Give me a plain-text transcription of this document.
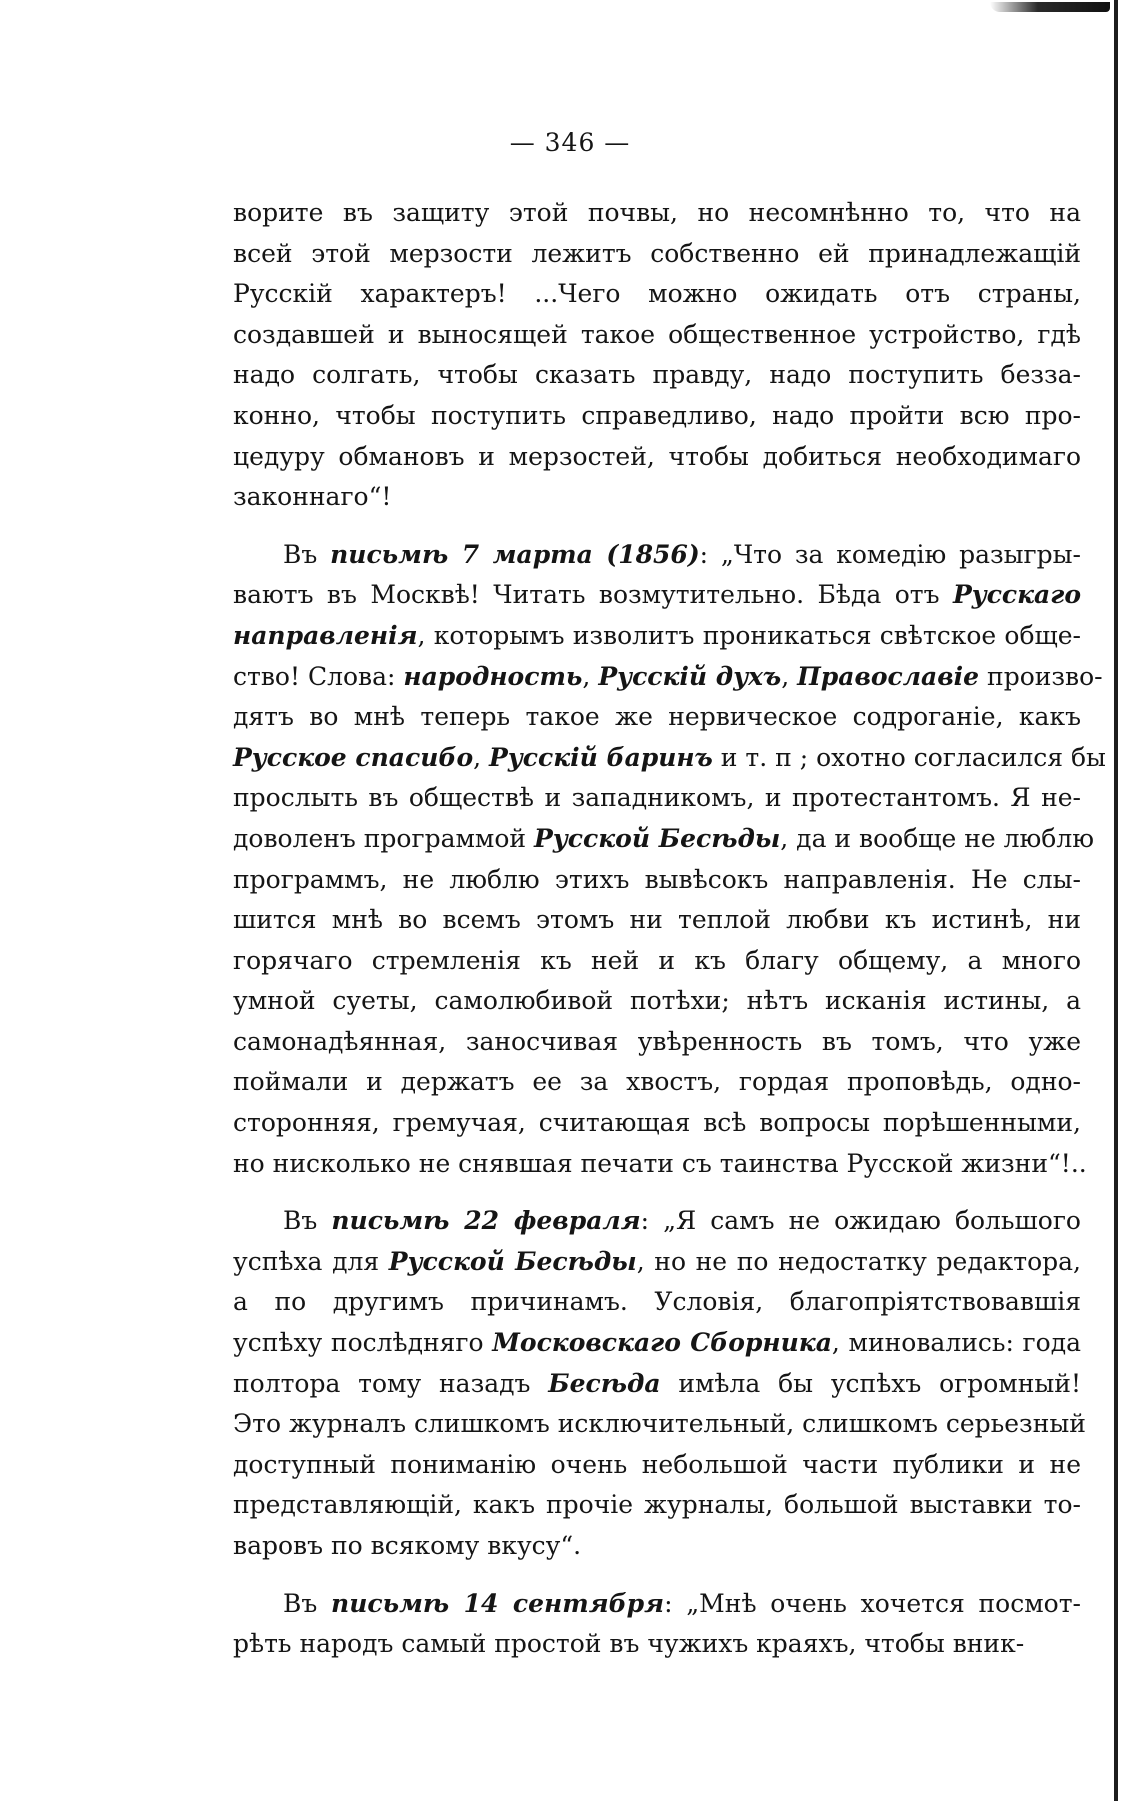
— 346 —

ворите въ защиту этой почвы, но несомнѣнно то, что на
всей этой мерзости лежитъ собственно ей принадлежащій
Русскій характеръ! ...Чего можно ожидать отъ страны,
создавшей и выносящей такое общественное устройство, гдѣ
надо солгать, чтобы сказать правду, надо поступить безза-
конно, чтобы поступить справедливо, надо пройти всю про-
цедуру обмановъ и мерзостей, чтобы добиться необходимаго
законнаго“!

Въ письмѣ 7 марта (1856): „Что за комедію разыгры-
ваютъ въ Москвѣ! Читать возмутительно. Бѣда отъ Русскаго
направленія, которымъ изволитъ проникаться свѣтское обще-
ство! Слова: народность, Русскій духъ, Православіе произво-
дятъ во мнѣ теперь такое же нервическое содроганіе, какъ
Русское спасибо, Русскій баринъ и т. п ; охотно согласился бы
прослыть въ обществѣ и западникомъ, и протестантомъ. Я не-
доволенъ программой Русской Бесѣды, да и вообще не люблю
программъ, не люблю этихъ вывѣсокъ направленія. Не слы-
шится мнѣ во всемъ этомъ ни теплой любви къ истинѣ, ни
горячаго стремленія къ ней и къ благу общему, а много
умной суеты, самолюбивой потѣхи; нѣтъ исканія истины, а
самонадѣянная, заносчивая увѣренность въ томъ, что уже
поймали и держатъ ее за хвостъ, гордая проповѣдь, одно-
сторонняя, гремучая, считающая всѣ вопросы порѣшенными,
но нисколько не снявшая печати съ таинства Русской жизни“!..

Въ письмѣ 22 февраля: „Я самъ не ожидаю большого
успѣха для Русской Бесѣды, но не по недостатку редактора,
а по другимъ причинамъ. Условія, благопріятствовавшія
успѣху послѣдняго Московскаго Сборника, миновались: года
полтора тому назадъ Бесѣда имѣла бы успѣхъ огромный!
Это журналъ слишкомъ исключительный, слишкомъ серьезный
доступный пониманію очень небольшой части публики и не
представляющій, какъ прочіе журналы, большой выставки то-
варовъ по всякому вкусу“.

Въ письмѣ 14 сентября: „Мнѣ очень хочется посмот-
рѣть народъ самый простой въ чужихъ краяхъ, чтобы вник-
